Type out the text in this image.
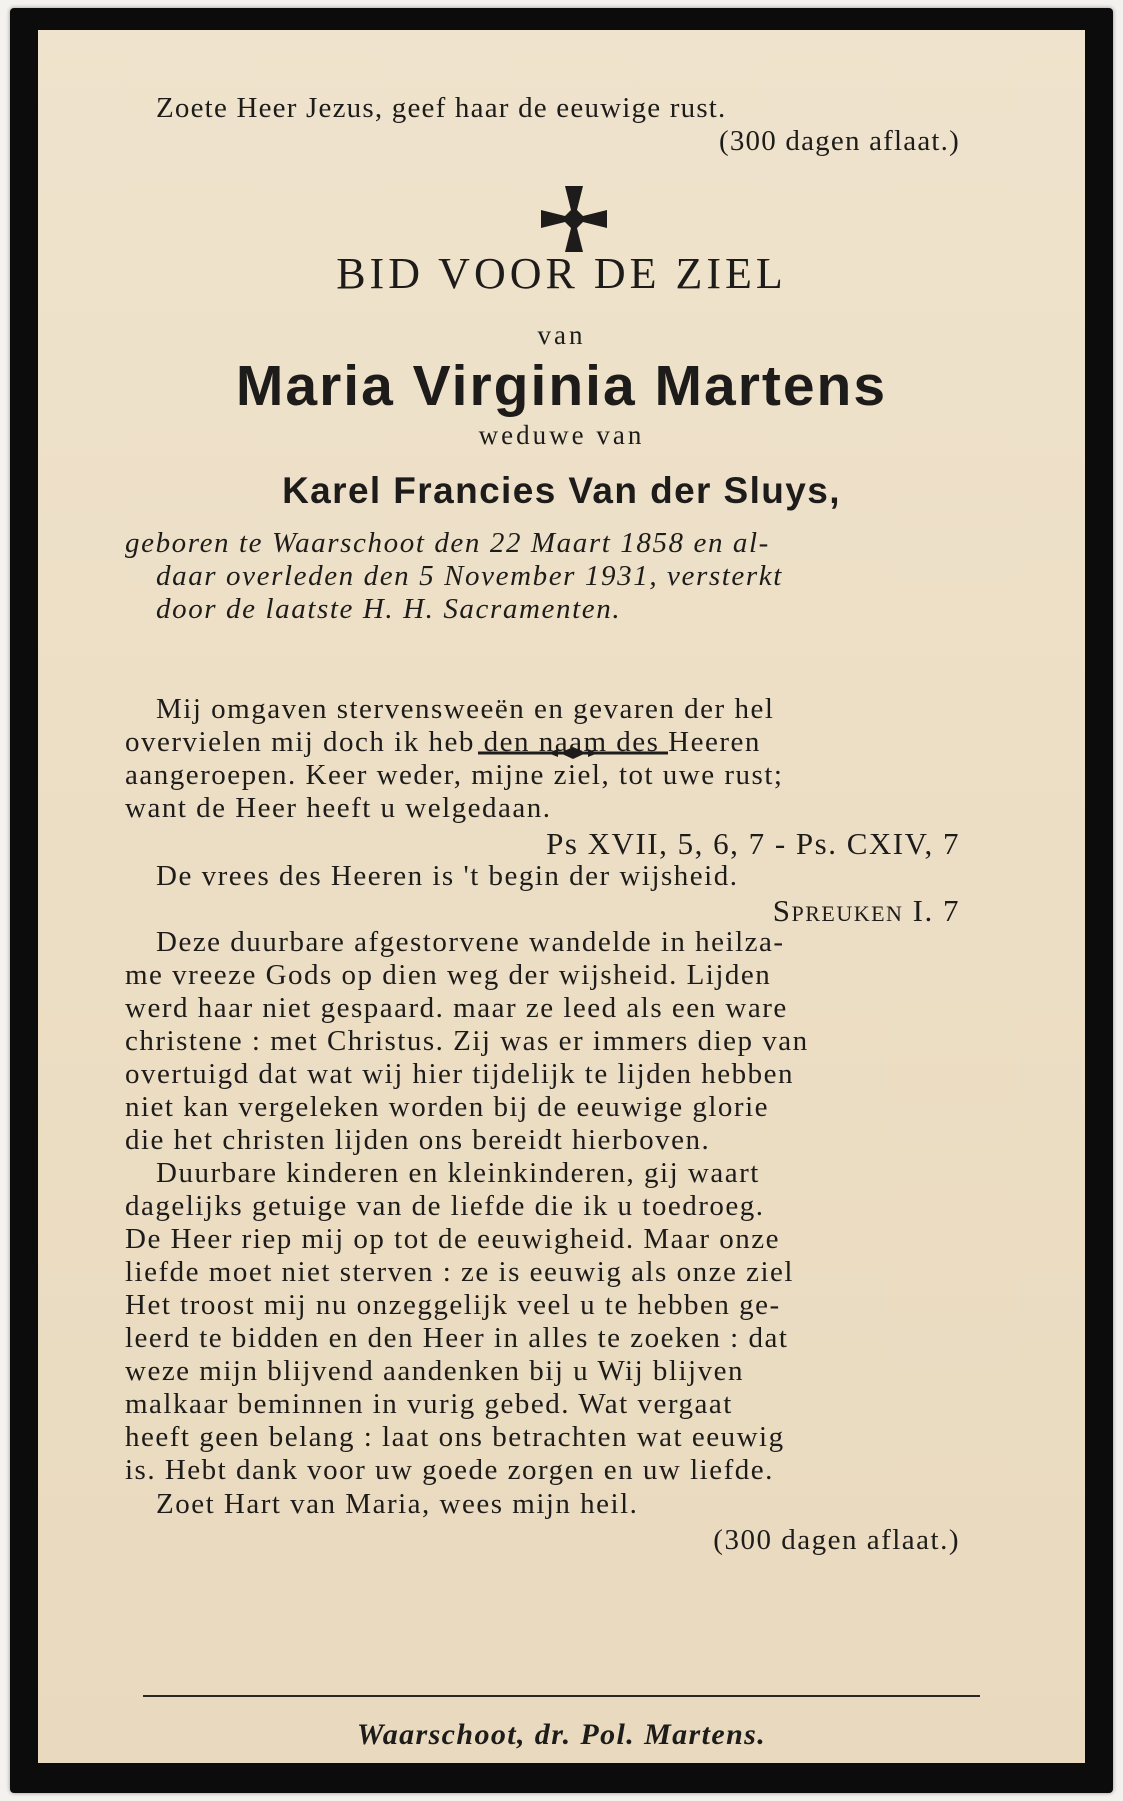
Zoete Heer Jezus, geef haar de eeuwige rust.
(300 dagen aflaat.)
BID VOOR DE ZIEL
van
Maria Virginia Martens
weduwe van
Karel Francies Van der Sluys,
geboren te Waarschoot den 22 Maart 1858 en al-
daar overleden den 5 November 1931, versterkt
door de laatste H. H. Sacramenten.
Mij omgaven stervensweeën en gevaren der hel
overvielen mij doch ik heb den naam des Heeren
aangeroepen. Keer weder, mijne ziel, tot uwe rust;
want de Heer heeft u welgedaan.
Ps XVII, 5, 6, 7 - Ps. CXIV, 7
De vrees des Heeren is 't begin der wijsheid.
Spreuken I. 7
Deze duurbare afgestorvene wandelde in heilza-
me vreeze Gods op dien weg der wijsheid. Lijden
werd haar niet gespaard. maar ze leed als een ware
christene : met Christus. Zij was er immers diep van
overtuigd dat wat wij hier tijdelijk te lijden hebben
niet kan vergeleken worden bij de eeuwige glorie
die het christen lijden ons bereidt hierboven.
Duurbare kinderen en kleinkinderen, gij waart
dagelijks getuige van de liefde die ik u toedroeg.
De Heer riep mij op tot de eeuwigheid. Maar onze
liefde moet niet sterven : ze is eeuwig als onze ziel
Het troost mij nu onzeggelijk veel u te hebben ge-
leerd te bidden en den Heer in alles te zoeken : dat
weze mijn blijvend aandenken bij u Wij blijven
malkaar beminnen in vurig gebed. Wat vergaat
heeft geen belang : laat ons betrachten wat eeuwig
is. Hebt dank voor uw goede zorgen en uw liefde.
Zoet Hart van Maria, wees mijn heil.
(300 dagen aflaat.)
Waarschoot, dr. Pol. Martens.
